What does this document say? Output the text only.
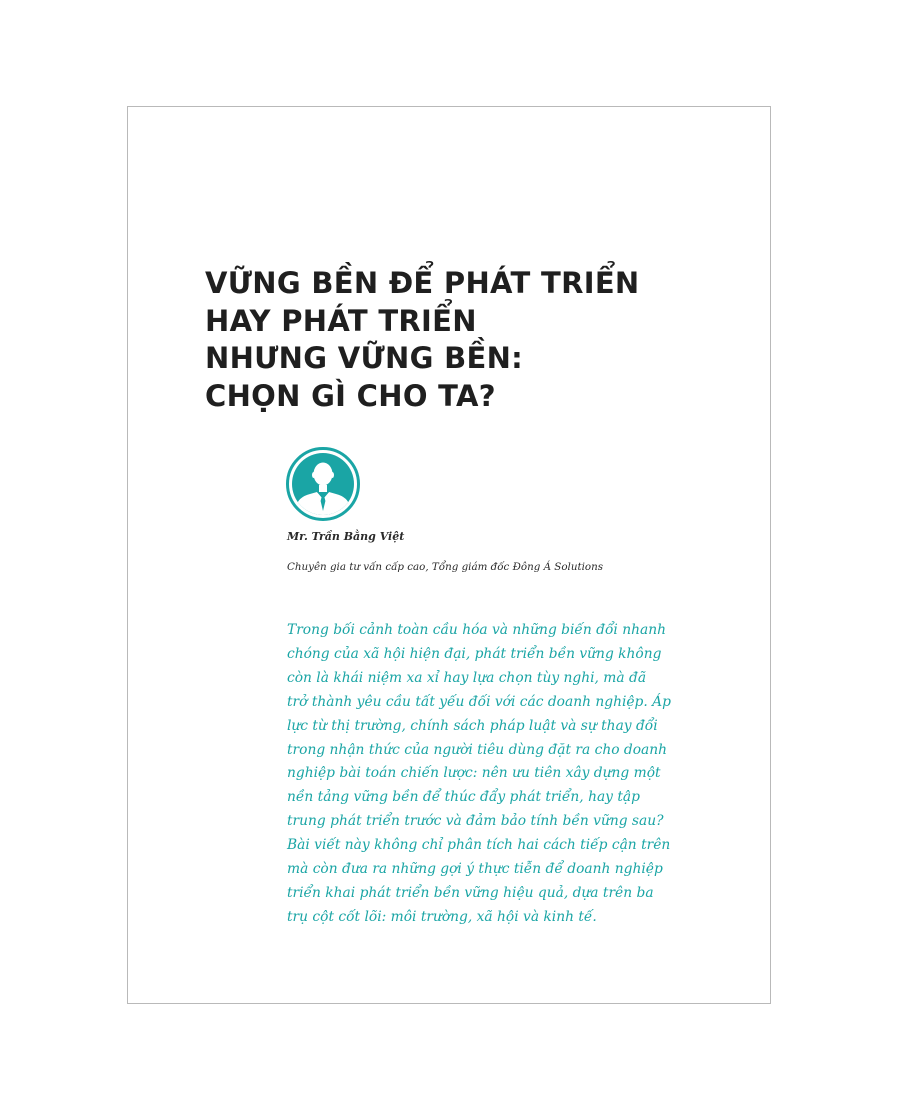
VỮNG BỀN ĐỂ PHÁT TRIỂN
HAY PHÁT TRIỂN
NHƯNG VỮNG BỀN:
CHỌN GÌ CHO TA?

Mr. Trần Bằng Việt

Chuyên gia tư vấn cấp cao, Tổng giám đốc Đông Á Solutions

Trong bối cảnh toàn cầu hóa và những biến đổi nhanh
chóng của xã hội hiện đại, phát triển bền vững không
còn là khái niệm xa xỉ hay lựa chọn tùy nghi, mà đã
trở thành yêu cầu tất yếu đối với các doanh nghiệp. Áp
lực từ thị trường, chính sách pháp luật và sự thay đổi
trong nhận thức của người tiêu dùng đặt ra cho doanh
nghiệp bài toán chiến lược: nên ưu tiên xây dựng một
nền tảng vững bền để thúc đẩy phát triển, hay tập
trung phát triển trước và đảm bảo tính bền vững sau?
Bài viết này không chỉ phân tích hai cách tiếp cận trên
mà còn đưa ra những gợi ý thực tiễn để doanh nghiệp
triển khai phát triển bền vững hiệu quả, dựa trên ba
trụ cột cốt lõi: môi trường, xã hội và kinh tế.
